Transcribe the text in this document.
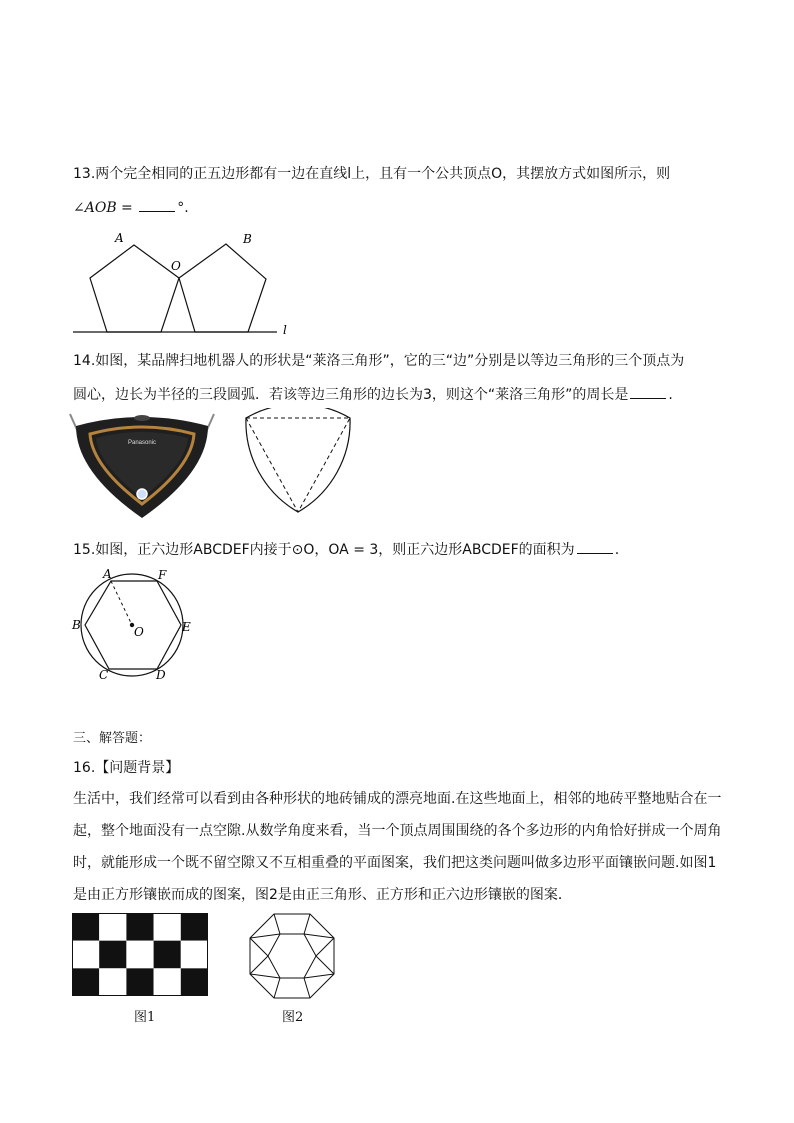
13.两个完全相同的正五边形都有一边在直线l上，且有一个公共顶点O，其摆放方式如图所示，则
∠AOB =	°.
A
O
B
l
14.如图，某品牌扫地机器人的形状是“莱洛三角形”，它的三“边”分别是以等边三角形的三个顶点为
圆心，边长为半径的三段圆弧．若该等边三角形的边长为3，则这个“莱洛三角形”的周长是	.
Panasonic
15.如图，正六边形ABCDEF内接于⊙O，OA = 3，则正六边形ABCDEF的面积为	.
A	F
B	O	E
C	D
三、解答题：
16.【问题背景】
生活中，我们经常可以看到由各种形状的地砖铺成的漂亮地面.在这些地面上，相邻的地砖平整地贴合在一
起，整个地面没有一点空隙.从数学角度来看，当一个顶点周围围绕的各个多边形的内角恰好拼成一个周角
时，就能形成一个既不留空隙又不互相重叠的平面图案，我们把这类问题叫做多边形平面镶嵌问题.如图1
是由正方形镶嵌而成的图案，图2是由正三角形、正方形和正六边形镶嵌的图案．
图1	图2
